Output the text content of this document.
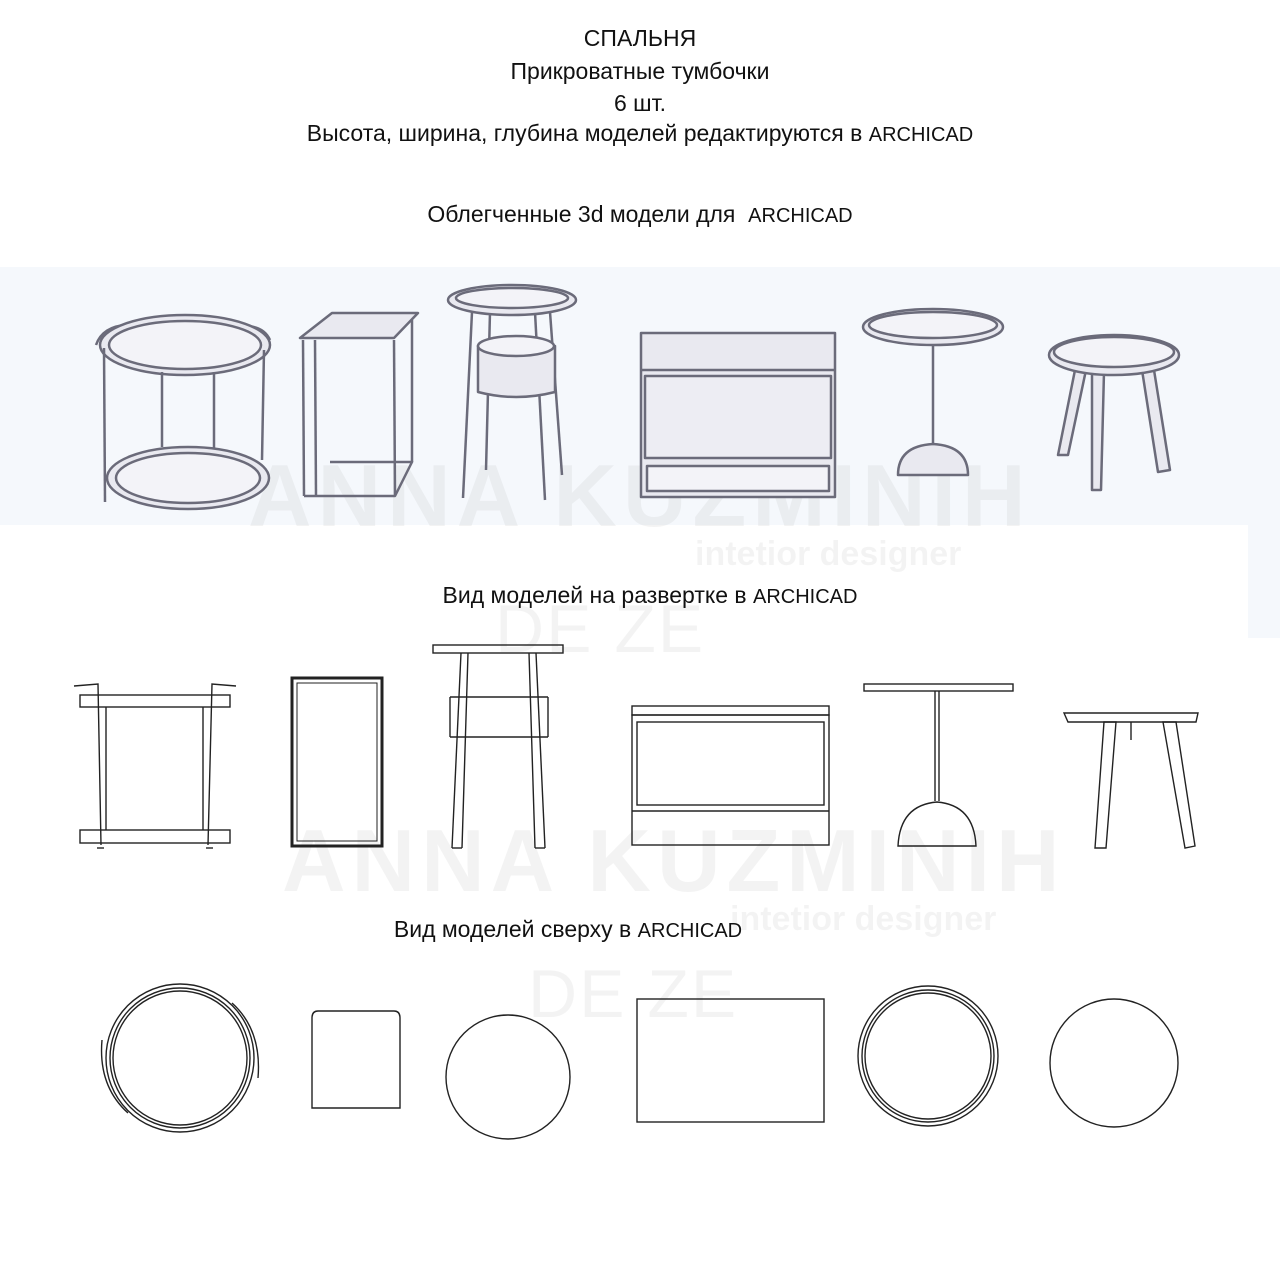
СПАЛЬНЯ

Прикроватные тумбочки

6 шт.

Высота, ширина, глубина моделей редактируются в ARCHICAD

Облегченные 3d модели для ARCHICAD

Вид моделей на развертке в ARCHICAD

Вид моделей сверху в ARCHICAD
